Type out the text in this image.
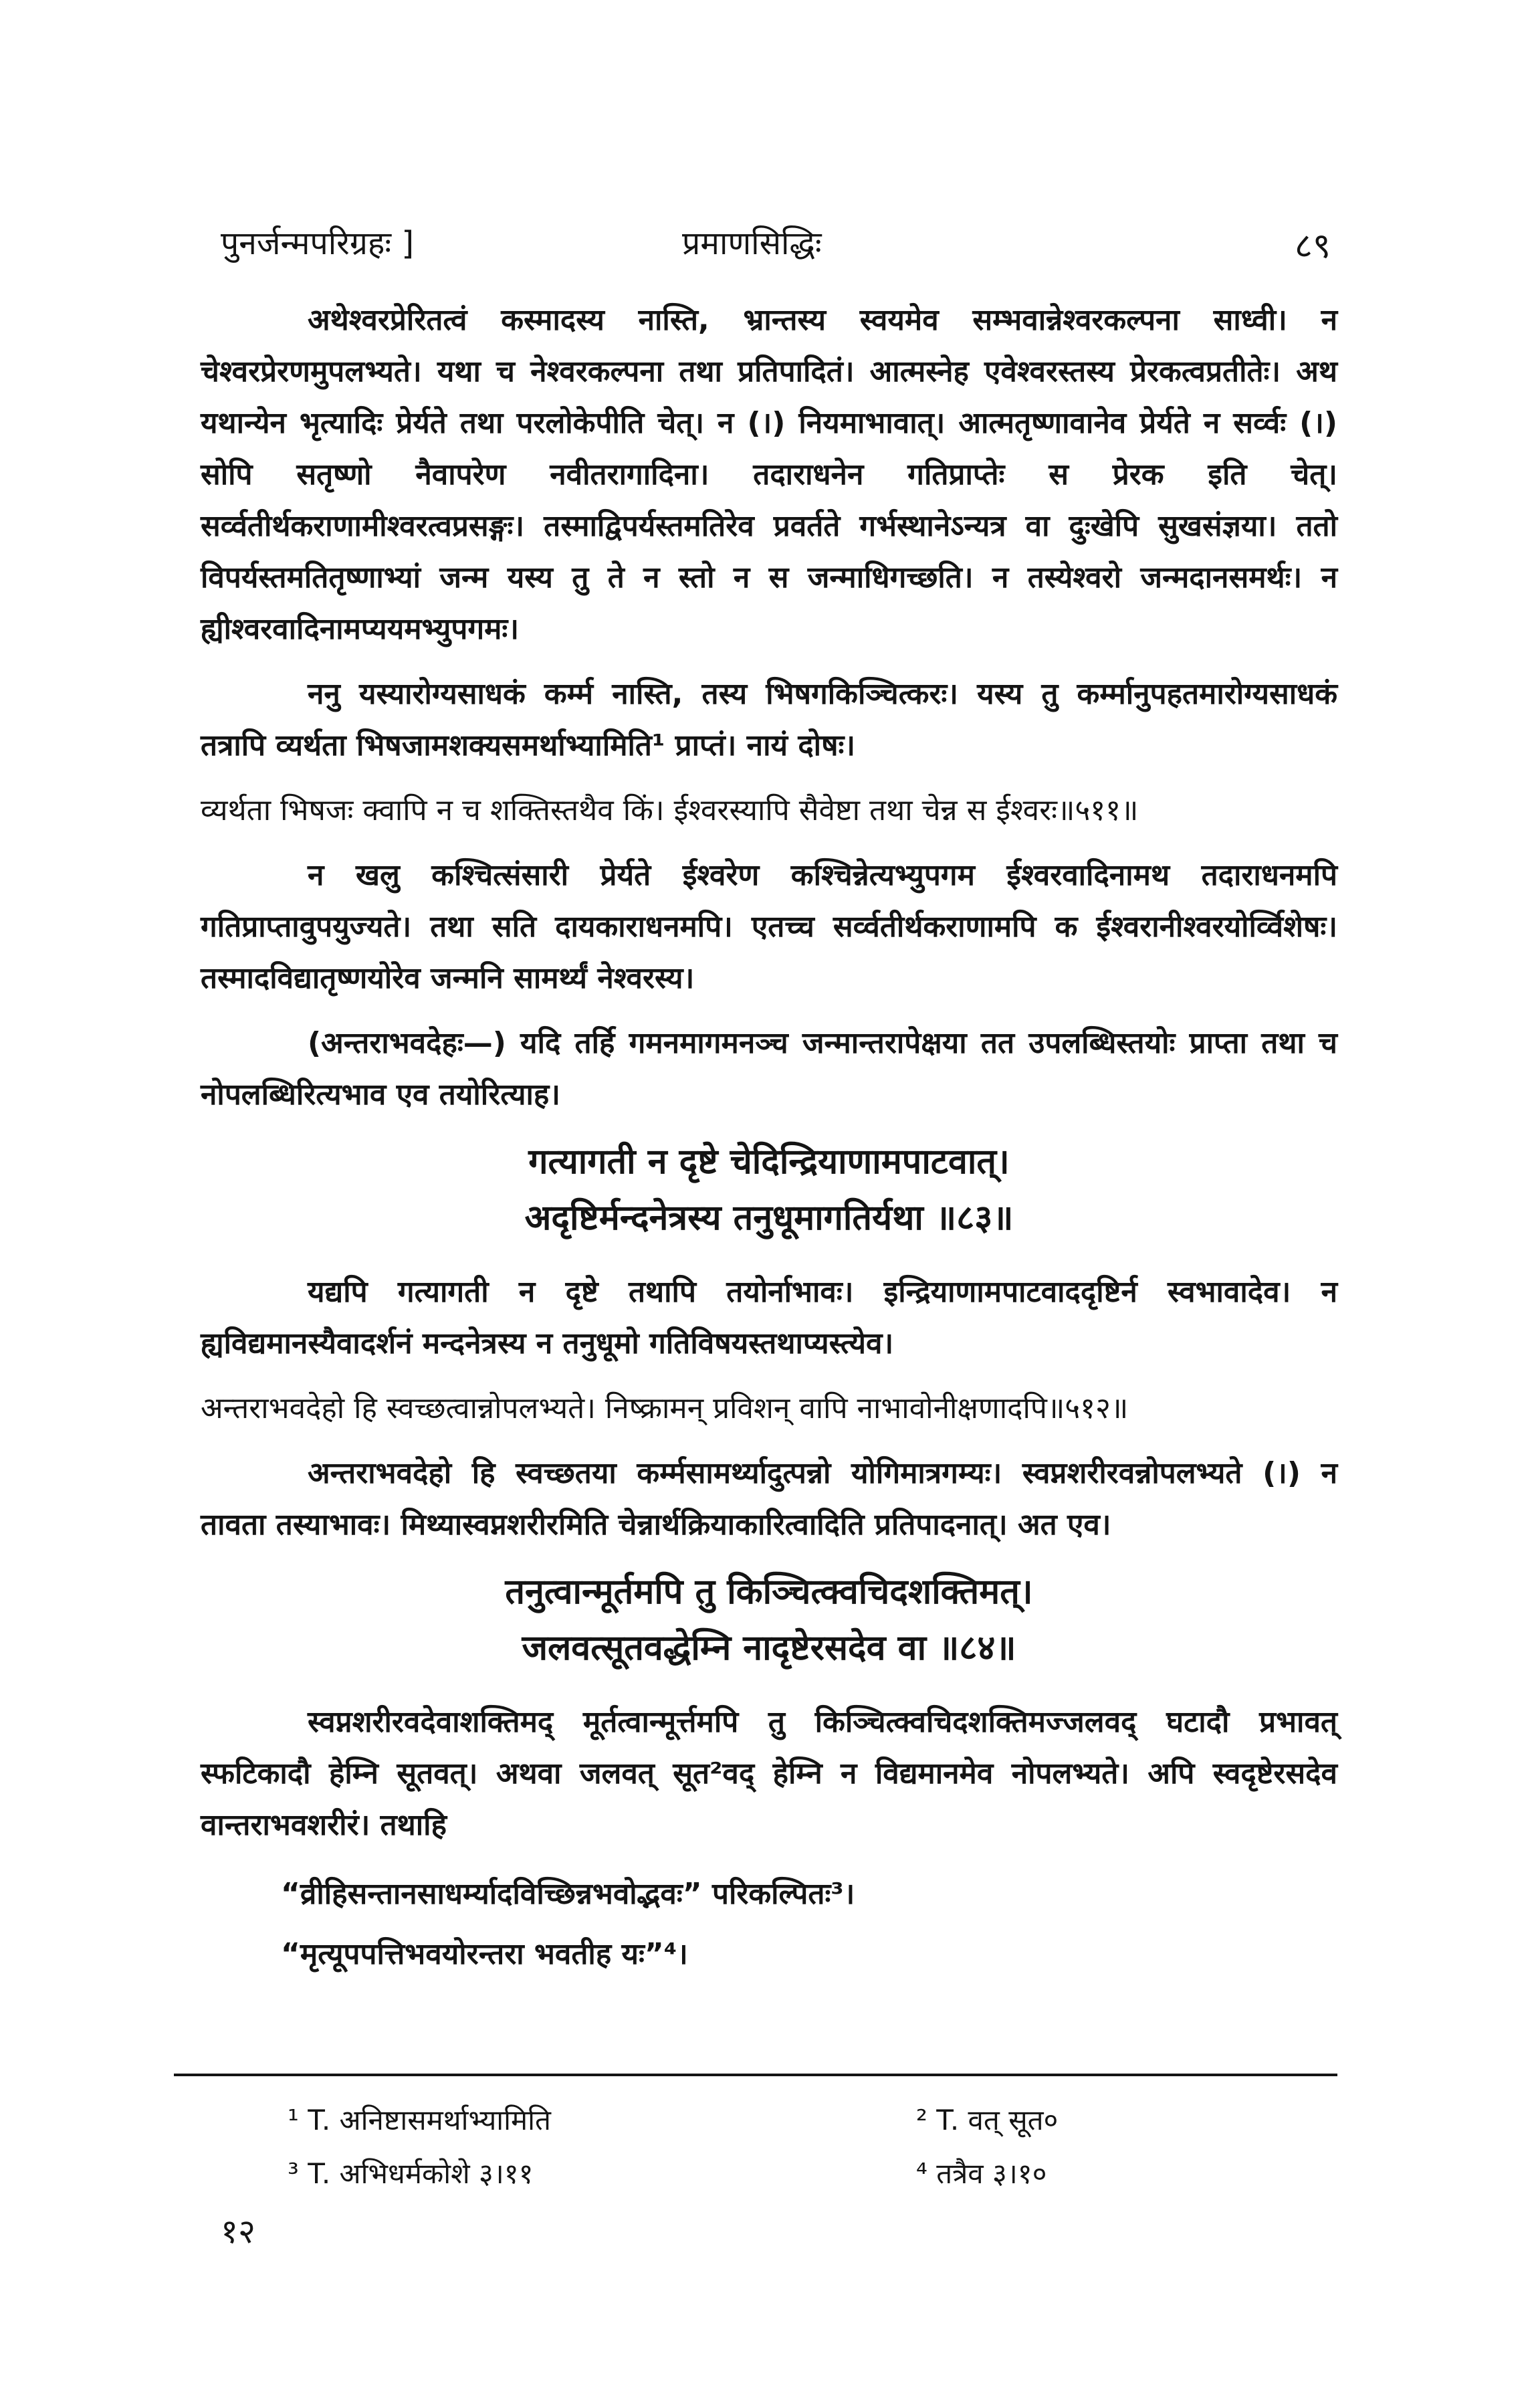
पुनर्जन्मपरिग्रहः ]	प्रमाणसिद्धिः	८९

अथेश्वरप्रेरितत्वं कस्मादस्य नास्ति, भ्रान्तस्य स्वयमेव सम्भवान्नेश्वरकल्पना साध्वी। न चेश्वरप्रेरणमुपलभ्यते। यथा च नेश्वरकल्पना तथा प्रतिपादितं। आत्मस्नेह एवेश्वरस्तस्य प्रेरकत्वप्रतीतेः। अथ यथान्येन भृत्यादिः प्रेर्यते तथा परलोकेपीति चेत्। न (।) नियमाभावात्। आत्मतृष्णावानेव प्रेर्यते न सर्व्वः (।) सोपि सतृष्णो नैवापरेण नवीतरागादिना। तदाराधनेन गतिप्राप्तेः स प्रेरक इति चेत्। सर्व्वतीर्थकराणामीश्वरत्वप्रसङ्गः। तस्माद्विपर्यस्तमतिरेव प्रवर्तते गर्भस्थानेऽन्यत्र वा दुःखेपि सुखसंज्ञया। ततो विपर्यस्तमतितृष्णाभ्यां जन्म यस्य तु ते न स्तो न स जन्माधिगच्छति। न तस्येश्वरो जन्मदानसमर्थः। न ह्यीश्वरवादिनामप्ययमभ्युपगमः।

ननु यस्यारोग्यसाधकं कर्म्म नास्ति, तस्य भिषगकिञ्चित्करः। यस्य तु कर्म्मानुपहतमारोग्यसाधकं तत्रापि व्यर्थता भिषजामशक्यसमर्थाभ्यामिति¹ प्राप्तं। नायं दोषः।

व्यर्थता भिषजः क्वापि न च शक्तिस्तथैव किं। ईश्वरस्यापि सैवेष्टा तथा चेन्न स ईश्वरः॥५११॥

न खलु कश्चित्संसारी प्रेर्यते ईश्वरेण कश्चिन्नेत्यभ्युपगम ईश्वरवादिनामथ तदाराधनमपि गतिप्राप्तावुपयुज्यते। तथा सति दायकाराधनमपि। एतच्च सर्व्वतीर्थकराणामपि क ईश्वरानीश्वरयोर्व्विशेषः। तस्मादविद्यातृष्णयोरेव जन्मनि सामर्थ्यं नेश्वरस्य।

(अन्तराभवदेहः—) यदि तर्हि गमनमागमनञ्च जन्मान्तरापेक्षया तत उपलब्धिस्तयोः प्राप्ता तथा च नोपलब्धिरित्यभाव एव तयोरित्याह।

गत्यागती न दृष्टे चेदिन्द्रियाणामपाटवात्।
अदृष्टिर्मन्दनेत्रस्य तनुधूमागतिर्यथा ॥८३॥

यद्यपि गत्यागती न दृष्टे तथापि तयोर्नाभावः। इन्द्रियाणामपाटवाददृष्टिर्न स्वभावादेव। न ह्यविद्यमानस्यैवादर्शनं मन्दनेत्रस्य न तनुधूमो गतिविषयस्तथाप्यस्त्येव।

अन्तराभवदेहो हि स्वच्छत्वान्नोपलभ्यते। निष्क्रामन् प्रविशन् वापि नाभावोनीक्षणादपि॥५१२॥

अन्तराभवदेहो हि स्वच्छतया कर्म्मसामर्थ्यादुत्पन्नो योगिमात्रगम्यः। स्वप्नशरीरवन्नोपलभ्यते (।) न तावता तस्याभावः। मिथ्यास्वप्नशरीरमिति चेन्नार्थक्रियाकारित्वादिति प्रतिपादनात्। अत एव।

तनुत्वान्मूर्तमपि तु किञ्चित्क्वचिदशक्तिमत्।
जलवत्सूतवद्धेम्नि नादृष्टेरसदेव वा ॥८४॥

स्वप्नशरीरवदेवाशक्तिमद् मूर्तत्वान्मूर्त्तमपि तु किञ्चित्क्वचिदशक्तिमज्जलवद् घटादौ प्रभावत् स्फटिकादौ हेम्नि सूतवत्। अथवा जलवत् सूत²वद् हेम्नि न विद्यमानमेव नोपलभ्यते। अपि स्वदृष्टेरसदेव वान्तराभवशरीरं। तथाहि

“व्रीहिसन्तानसाधर्म्यादविच्छिन्नभवोद्भवः” परिकल्पितः³।
“मृत्यूपपत्तिभवयोरन्तरा भवतीह यः”⁴।
¹ T. अनिष्टासमर्थाभ्यामिति	² T. वत् सूत०
³ T. अभिधर्मकोशे ३।११	⁴ तत्रैव ३।१०
१२
